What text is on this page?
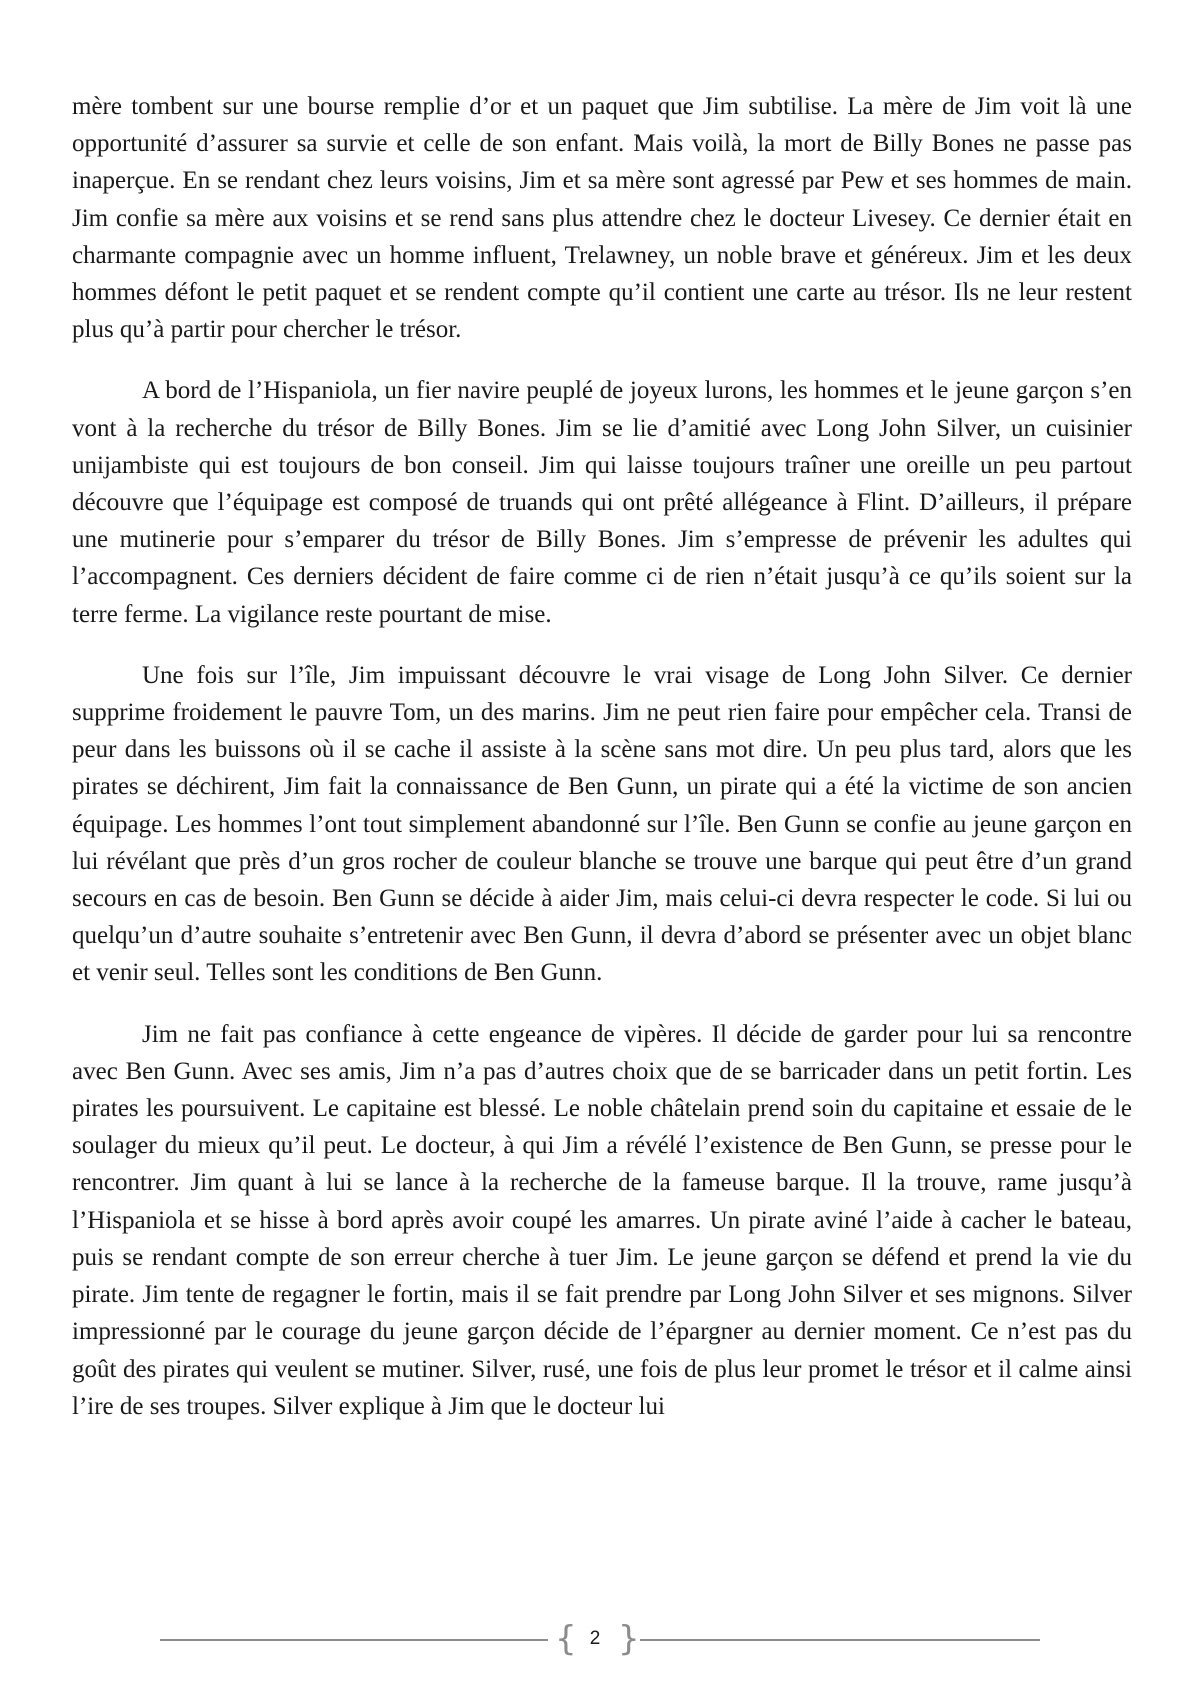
mère tombent sur une bourse remplie d’or et un paquet que Jim subtilise. La mère de Jim voit là une opportunité d’assurer sa survie et celle de son enfant. Mais voilà, la mort de Billy Bones ne passe pas inaperçue. En se rendant chez leurs voisins, Jim et sa mère sont agressé par Pew et ses hommes de main. Jim confie sa mère aux voisins et se rend sans plus attendre chez le docteur Livesey. Ce dernier était en charmante compagnie avec un homme influent, Trelawney, un noble brave et généreux. Jim et les deux hommes défont le petit paquet et se rendent compte qu’il contient une carte au trésor. Ils ne leur restent plus qu’à partir pour chercher le trésor.

A bord de l’Hispaniola, un fier navire peuplé de joyeux lurons, les hommes et le jeune garçon s’en vont à la recherche du trésor de Billy Bones. Jim se lie d’amitié avec Long John Silver, un cuisinier unijambiste qui est toujours de bon conseil. Jim qui laisse toujours traîner une oreille un peu partout découvre que l’équipage est composé de truands qui ont prêté allégeance à Flint. D’ailleurs, il prépare une mutinerie pour s’emparer du trésor de Billy Bones. Jim s’empresse de prévenir les adultes qui l’accompagnent. Ces derniers décident de faire comme ci de rien n’était jusqu’à ce qu’ils soient sur la terre ferme. La vigilance reste pourtant de mise.

Une fois sur l’île, Jim impuissant découvre le vrai visage de Long John Silver. Ce dernier supprime froidement le pauvre Tom, un des marins. Jim ne peut rien faire pour empêcher cela. Transi de peur dans les buissons où il se cache il assiste à la scène sans mot dire. Un peu plus tard, alors que les pirates se déchirent, Jim fait la connaissance de Ben Gunn, un pirate qui a été la victime de son ancien équipage. Les hommes l’ont tout simplement abandonné sur l’île. Ben Gunn se confie au jeune garçon en lui révélant que près d’un gros rocher de couleur blanche se trouve une barque qui peut être d’un grand secours en cas de besoin. Ben Gunn se décide à aider Jim, mais celui-ci devra respecter le code. Si lui ou quelqu’un d’autre souhaite s’entretenir avec Ben Gunn, il devra d’abord se présenter avec un objet blanc et venir seul. Telles sont les conditions de Ben Gunn.

Jim ne fait pas confiance à cette engeance de vipères. Il décide de garder pour lui sa rencontre avec Ben Gunn. Avec ses amis, Jim n’a pas d’autres choix que de se barricader dans un petit fortin. Les pirates les poursuivent. Le capitaine est blessé. Le noble châtelain prend soin du capitaine et essaie de le soulager du mieux qu’il peut. Le docteur, à qui Jim a révélé l’existence de Ben Gunn, se presse pour le rencontrer. Jim quant à lui se lance à la recherche de la fameuse barque. Il la trouve, rame jusqu’à l’Hispaniola et se hisse à bord après avoir coupé les amarres. Un pirate aviné l’aide à cacher le bateau, puis se rendant compte de son erreur cherche à tuer Jim. Le jeune garçon se défend et prend la vie du pirate. Jim tente de regagner le fortin, mais il se fait prendre par Long John Silver et ses mignons. Silver impressionné par le courage du jeune garçon décide de l’épargner au dernier moment. Ce n’est pas du goût des pirates qui veulent se mutiner. Silver, rusé, une fois de plus leur promet le trésor et il calme ainsi l’ire de ses troupes. Silver explique à Jim que le docteur lui

{ 2 }
